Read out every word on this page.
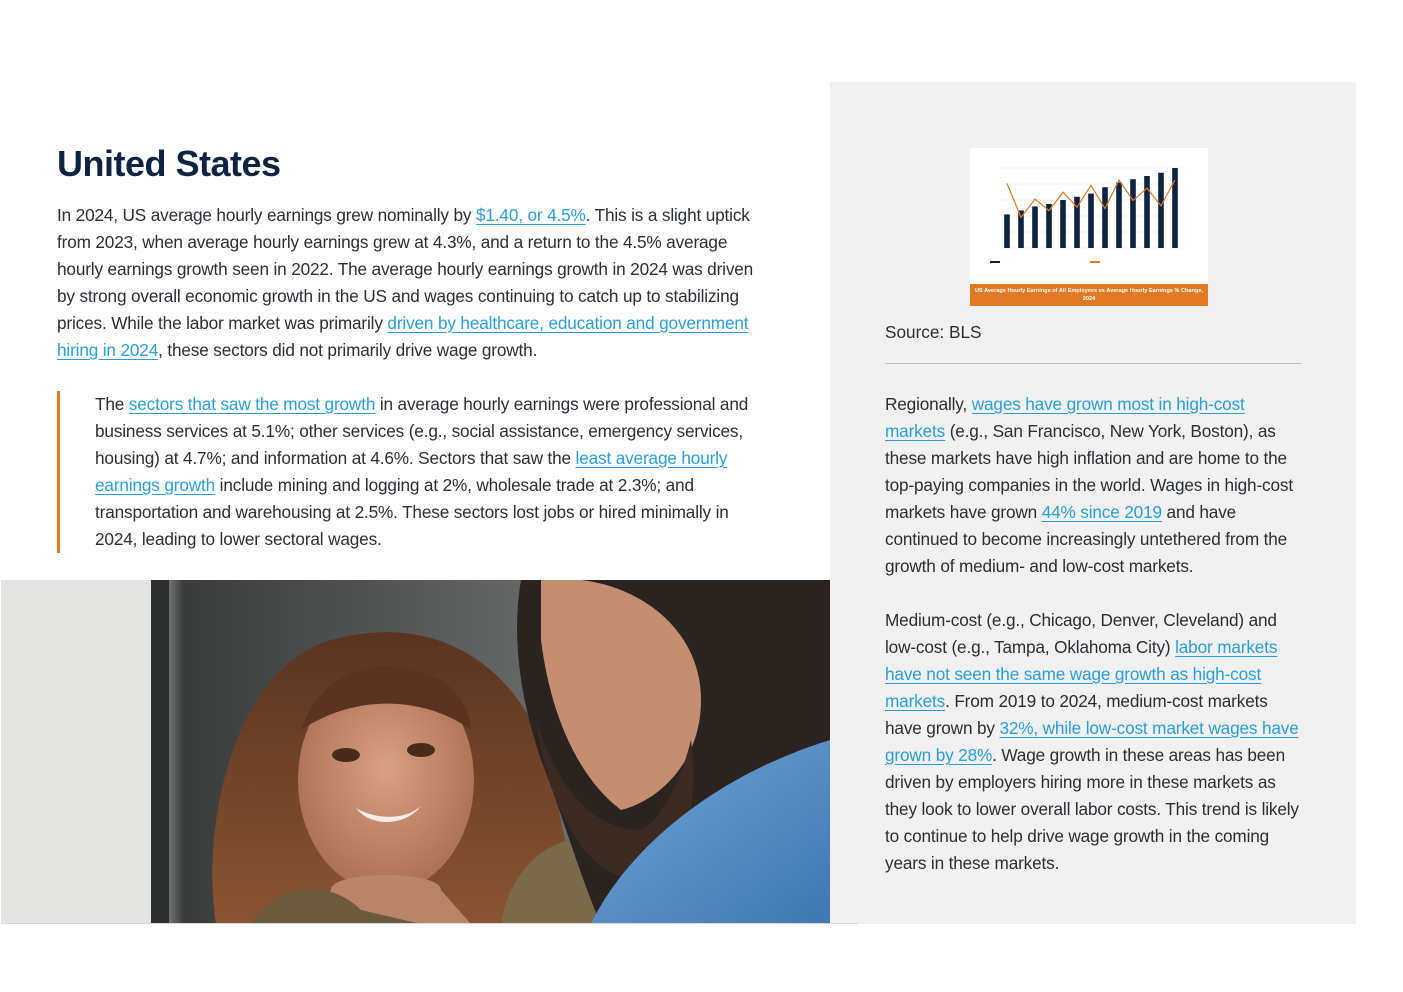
United States

In 2024, US average hourly earnings grew nominally by $1.40, or 4.5%. This is a slight uptick from 2023, when average hourly earnings grew at 4.3%, and a return to the 4.5% average hourly earnings growth seen in 2022. The average hourly earnings growth in 2024 was driven by strong overall economic growth in the US and wages continuing to catch up to stabilizing prices. While the labor market was primarily driven by healthcare, education and government hiring in 2024, these sectors did not primarily drive wage growth.

The sectors that saw the most growth in average hourly earnings were professional and business services at 5.1%; other services (e.g., social assistance, emergency services, housing) at 4.7%; and information at 4.6%. Sectors that saw the least average hourly earnings growth include mining and logging at 2%, wholesale trade at 2.3%; and transportation and warehousing at 2.5%. These sectors lost jobs or hired minimally in 2024, leading to lower sectoral wages.

US Average Hourly Earnings of All Employees vs Average Hourly Earnings % Change, 2024
Source: BLS

Regionally, wages have grown most in high-cost markets (e.g., San Francisco, New York, Boston), as these markets have high inflation and are home to the top-paying companies in the world. Wages in high-cost markets have grown 44% since 2019 and have continued to become increasingly untethered from the growth of medium- and low-cost markets.

Medium-cost (e.g., Chicago, Denver, Cleveland) and low-cost (e.g., Tampa, Oklahoma City) labor markets have not seen the same wage growth as high-cost markets. From 2019 to 2024, medium-cost markets have grown by 32%, while low-cost market wages have grown by 28%. Wage growth in these areas has been driven by employers hiring more in these markets as they look to lower overall labor costs. This trend is likely to continue to help drive wage growth in the coming years in these markets.
